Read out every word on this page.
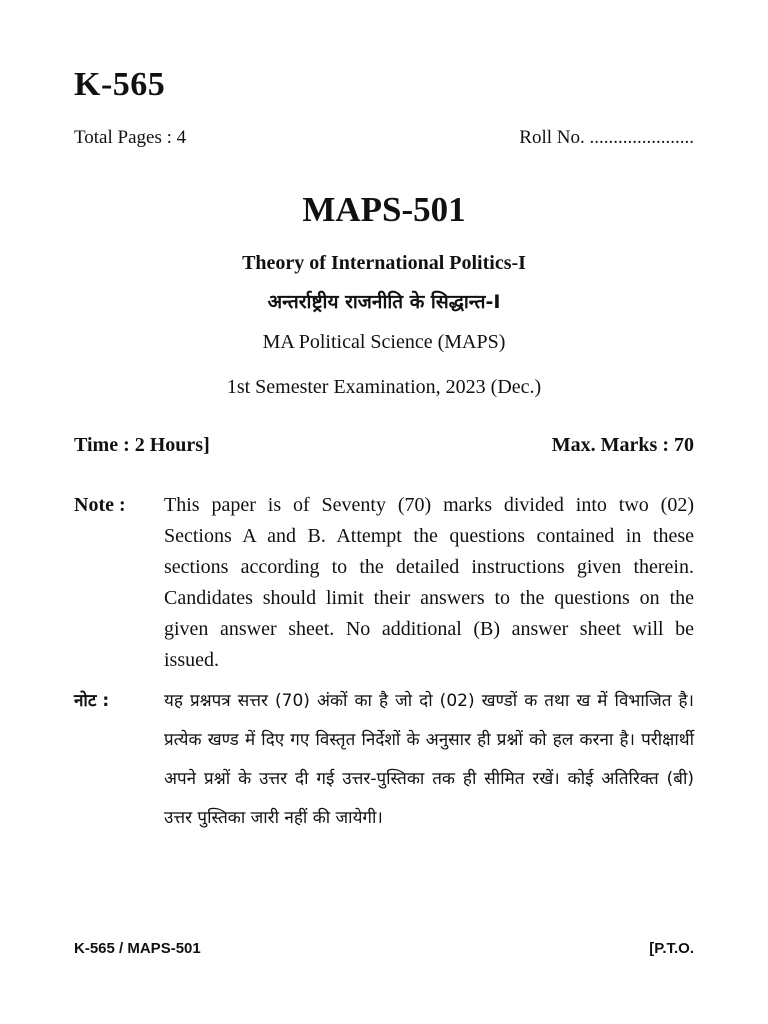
K-565
Total Pages : 4	Roll No. ......................
MAPS-501
Theory of International Politics-I
अन्तर्राष्ट्रीय राजनीति के सिद्धान्त-I
MA Political Science (MAPS)
1st Semester Examination, 2023 (Dec.)
Time : 2 Hours]	Max. Marks : 70
Note :	This paper is of Seventy (70) marks divided into two (02) Sections A and B. Attempt the questions contained in these sections according to the detailed instructions given therein. Candidates should limit their answers to the questions on the given answer sheet. No additional (B) answer sheet will be issued.
नोट :	यह प्रश्नपत्र सत्तर (70) अंकों का है जो दो (02) खण्डों क तथा ख में विभाजित है। प्रत्येक खण्ड में दिए गए विस्तृत निर्देशों के अनुसार ही प्रश्नों को हल करना है। परीक्षार्थी अपने प्रश्नों के उत्तर दी गई उत्तर-पुस्तिका तक ही सीमित रखें। कोई अतिरिक्त (बी) उत्तर पुस्तिका जारी नहीं की जायेगी।
K-565 / MAPS-501	[P.T.O.
